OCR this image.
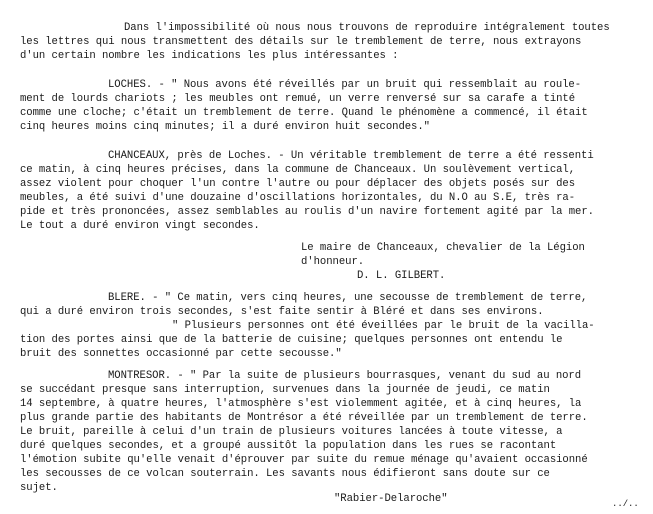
Dans l'impossibilité où nous nous trouvons de reproduire intégralement toutes
les lettres qui nous transmettent des détails sur le tremblement de terre, nous extrayons
d'un certain nombre les indications les plus intéressantes :
LOCHES. - " Nous avons été réveillés par un bruit qui ressemblait au roule-
ment de lourds chariots ; les meubles ont remué, un verre renversé sur sa carafe a tinté
comme une cloche; c'était un tremblement de terre. Quand le phénomène a commencé, il était
cinq heures moins cinq minutes; il a duré environ huit secondes."
CHANCEAUX, près de Loches. - Un véritable tremblement de terre a été ressenti
ce matin, à cinq heures précises, dans la commune de Chanceaux. Un soulèvement vertical,
assez violent pour choquer l'un contre l'autre ou pour déplacer des objets posés sur des
meubles, a été suivi d'une douzaine d'oscillations horizontales, du N.O au S.E, très ra-
pide et très prononcées, assez semblables au roulis d'un navire fortement agité par la mer.
Le tout a duré environ vingt secondes.
Le maire de Chanceaux, chevalier de la Légion
d'honneur.
D. L. GILBERT.
BLERE. - " Ce matin, vers cinq heures, une secousse de tremblement de terre,
qui a duré environ trois secondes, s'est faite sentir à Bléré et dans ses environs.
" Plusieurs personnes ont été éveillées par le bruit de la vacilla-
tion des portes ainsi que de la batterie de cuisine; quelques personnes ont entendu le
bruit des sonnettes occasionné par cette secousse."
MONTRESOR. - " Par la suite de plusieurs bourrasques, venant du sud au nord
se succédant presque sans interruption, survenues dans la journée de jeudi, ce matin
14 septembre, à quatre heures, l'atmosphère s'est violemment agitée, et à cinq heures, la
plus grande partie des habitants de Montrésor a été réveillée par un tremblement de terre.
Le bruit, pareille à celui d'un train de plusieurs voitures lancées à toute vitesse, a
duré quelques secondes, et a groupé aussitôt la population dans les rues se racontant
l'émotion subite qu'elle venait d'éprouver par suite du remue ménage qu'avaient occasionné
les secousses de ce volcan souterrain. Les savants nous édifieront sans doute sur ce
sujet.
"Rabier-Delaroche"	../..
